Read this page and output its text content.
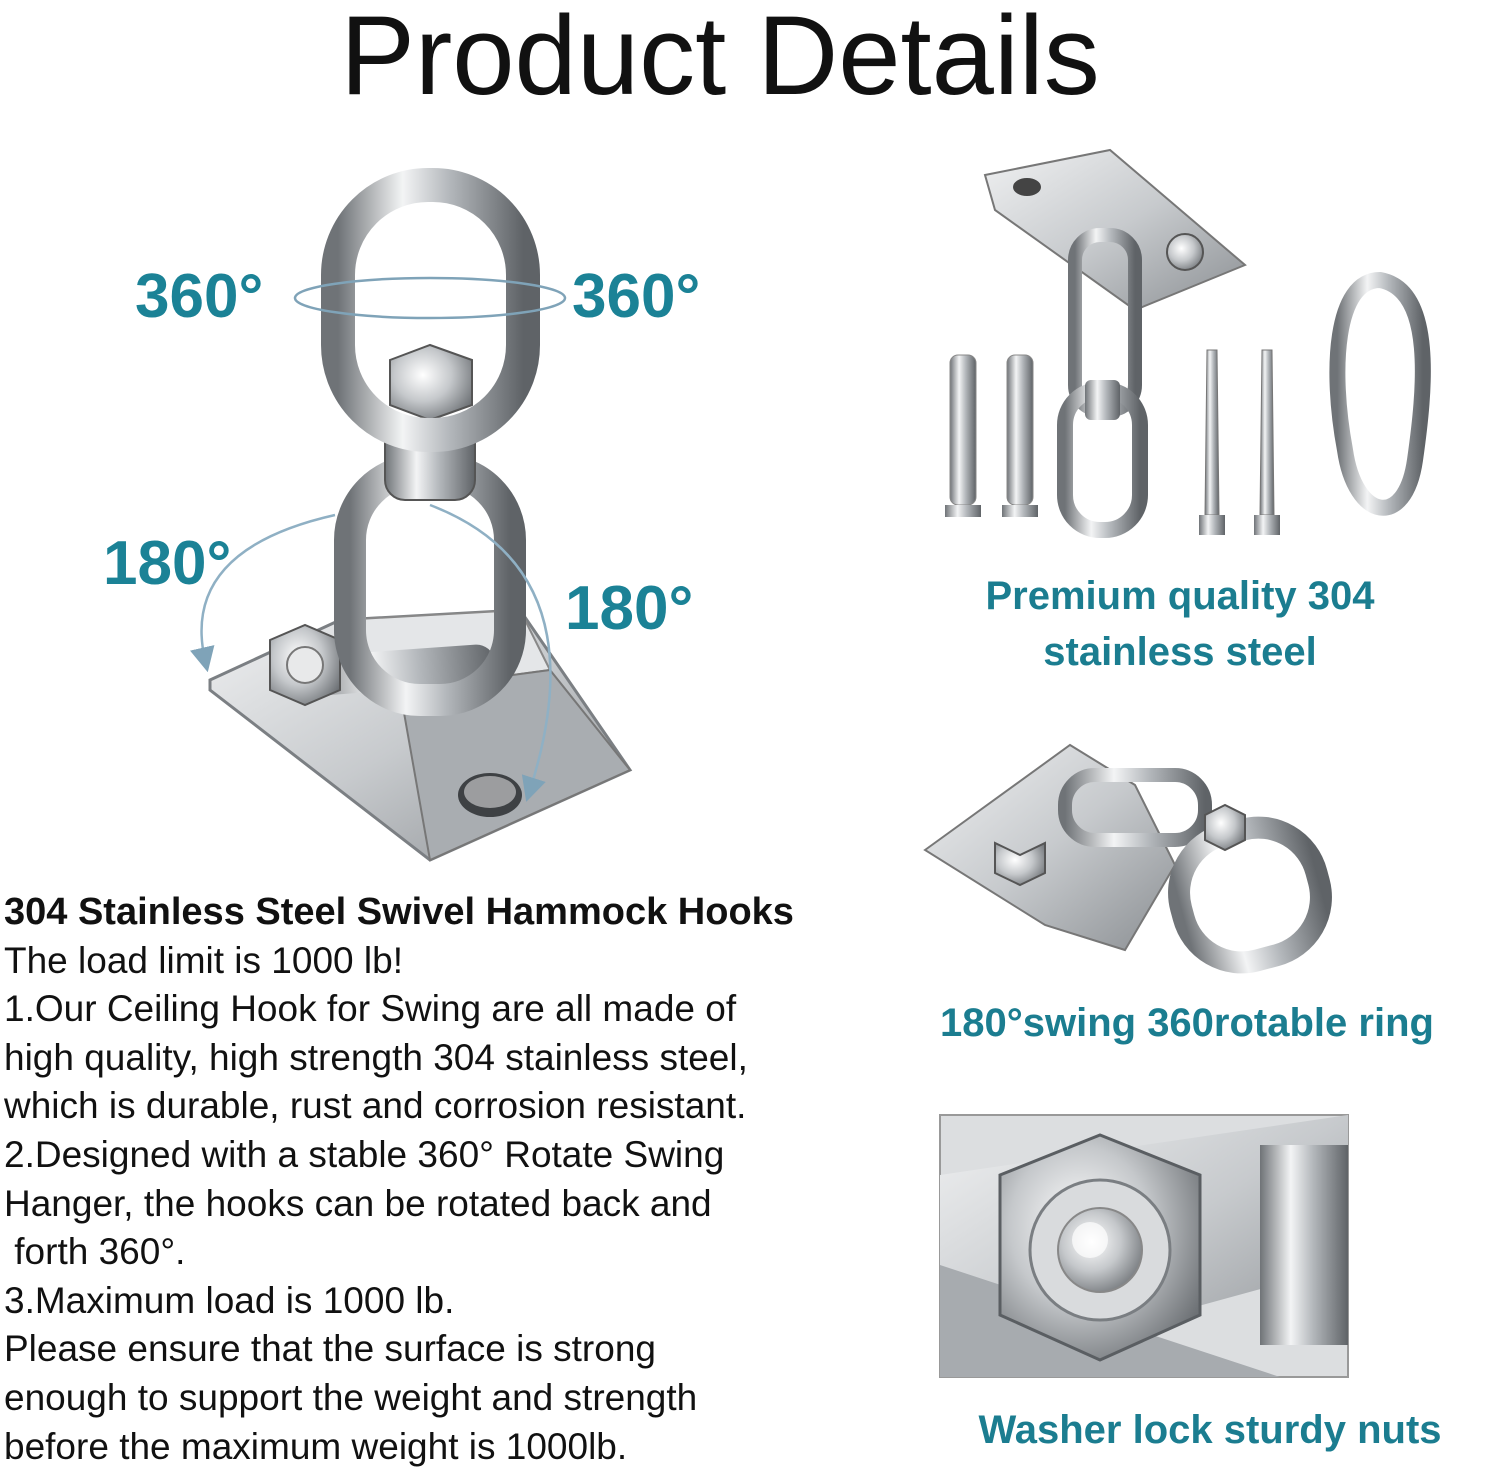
Product Details
360°	360°
180°
180°	Premium quality 304
stainless steel
180°swing 360rotable ring
Washer lock sturdy nuts
304 Stainless Steel Swivel Hammock Hooks
The load limit is 1000 lb!
1.Our Ceiling Hook for Swing are all made of
high quality, high strength 304 stainless steel,
which is durable, rust and corrosion resistant.
2.Designed with a stable 360° Rotate Swing
Hanger, the hooks can be rotated back and
forth 360°.
3.Maximum load is 1000 lb.
Please ensure that the surface is strong
enough to support the weight and strength
before the maximum weight is 1000lb.
